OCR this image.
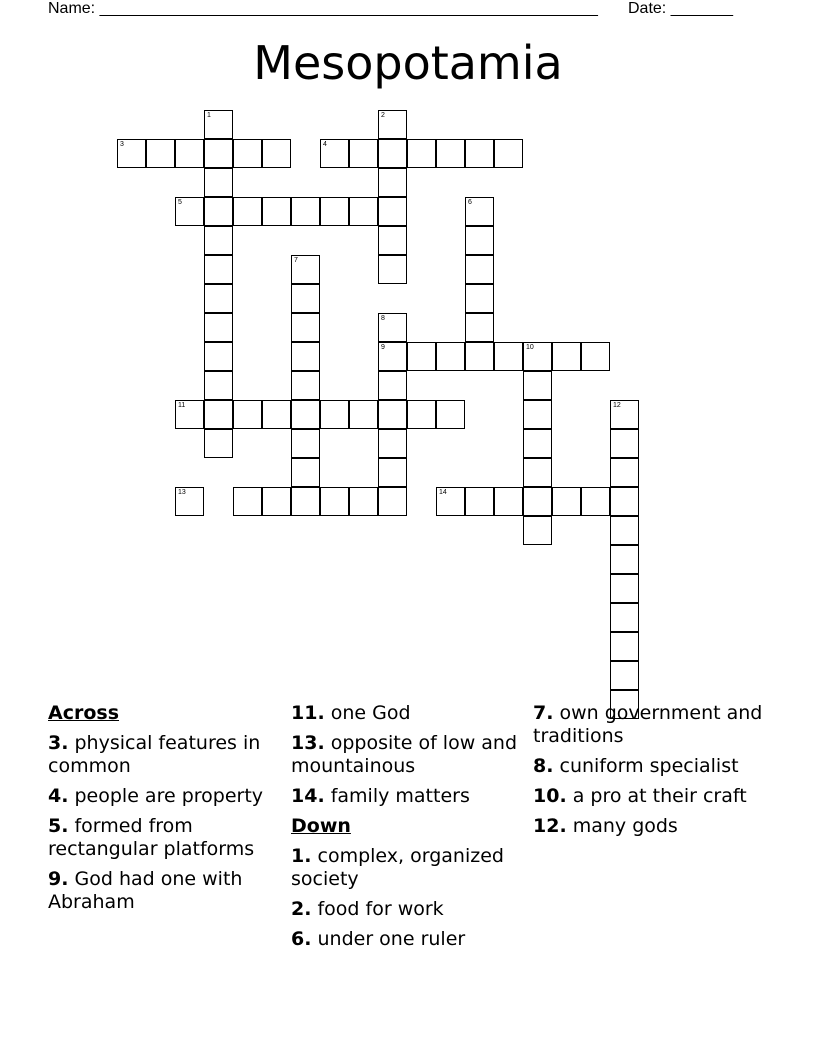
Name: ________________________________________________________ Date: _______
Mesopotamia
1
3
2
4
5	6
7
8
9	10
11	12
13	14
Across
3. physical features in common
4. people are property
5. formed from rectangular platforms
9. God had one with Abraham
11. one God
13. opposite of low and mountainous
14. family matters
Down
1. complex, organized society
2. food for work
6. under one ruler
7. own government and traditions
8. cuniform specialist
10. a pro at their craft
12. many gods
